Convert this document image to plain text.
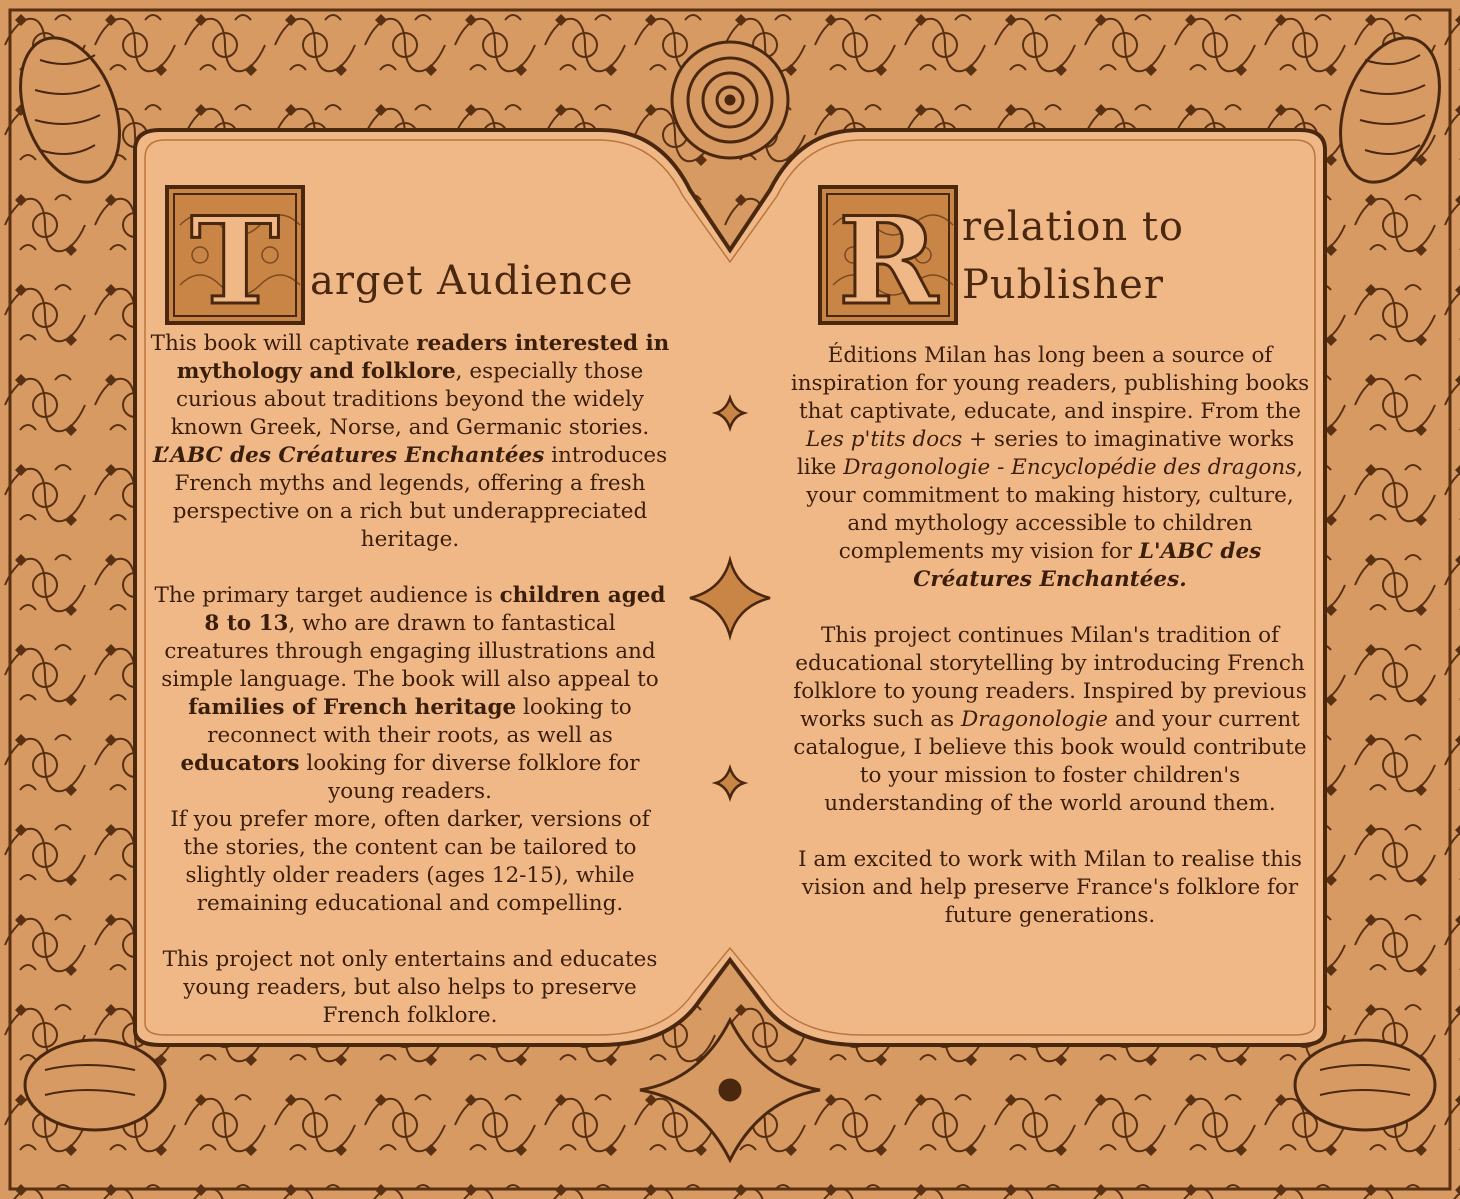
T arget Audience

This book will captivate readers interested in mythology and folklore, especially those curious about traditions beyond the widely known Greek, Norse, and Germanic stories. L’ABC des Créatures Enchantées introduces French myths and legends, offering a fresh perspective on a rich but underappreciated heritage.

The primary target audience is children aged 8 to 13, who are drawn to fantastical creatures through engaging illustrations and simple language. The book will also appeal to families of French heritage looking to reconnect with their roots, as well as educators looking for diverse folklore for young readers.

If you prefer more, often darker, versions of the stories, the content can be tailored to slightly older readers (ages 12-15), while remaining educational and compelling.

This project not only entertains and educates young readers, but also helps to preserve French folklore.

R relation to
Publisher

Éditions Milan has long been a source of inspiration for young readers, publishing books that captivate, educate, and inspire. From the Les p'tits docs + series to imaginative works like Dragonologie - Encyclopédie des dragons, your commitment to making history, culture, and mythology accessible to children complements my vision for L'ABC des Créatures Enchantées.

This project continues Milan's tradition of educational storytelling by introducing French folklore to young readers. Inspired by previous works such as Dragonologie and your current catalogue, I believe this book would contribute to your mission to foster children's understanding of the world around them.

I am excited to work with Milan to realise this vision and help preserve France's folklore for future generations.
